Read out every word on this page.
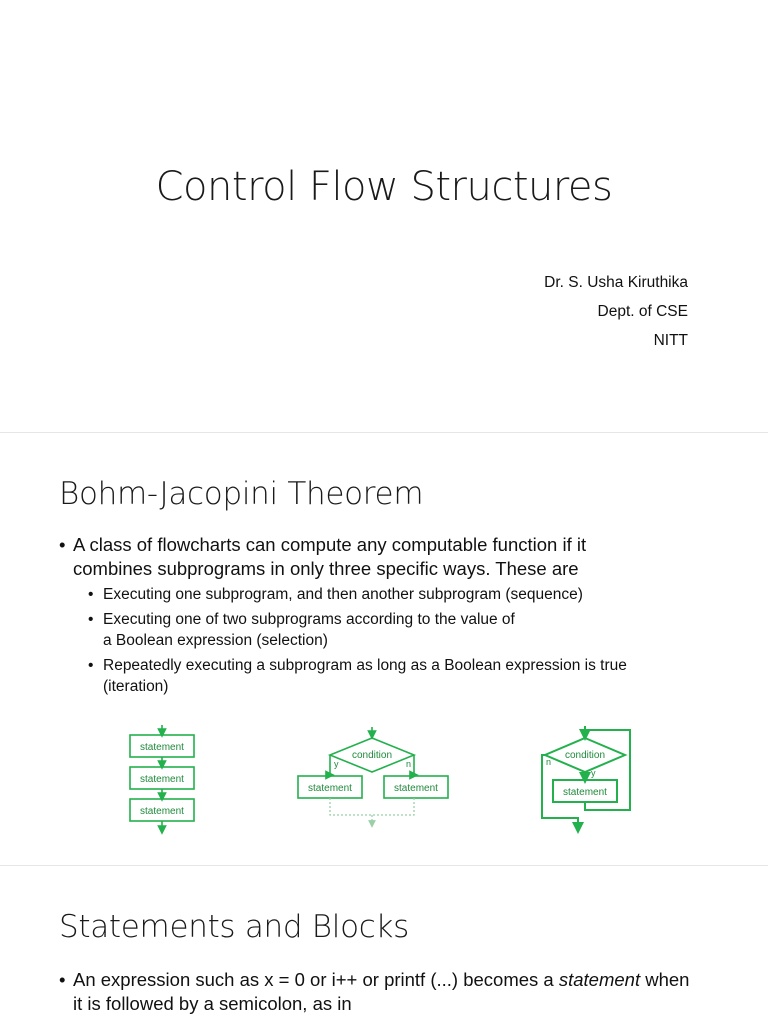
Control Flow Structures
Dr. S. Usha Kiruthika
Dept. of CSE
NITT
Bohm-Jacopini Theorem
• A class of flowcharts can compute any computable function if it
combines subprograms in only three specific ways. These are
• Executing one subprogram, and then another subprogram (sequence)
• Executing one of two subprograms according to the value of
a Boolean expression (selection)
• Repeatedly executing a subprogram as long as a Boolean expression is true
(iteration)
statement
statement
statement
condition
y	n
statement	statement
condition
n
y
statement
Statements and Blocks
• An expression such as x = 0 or i++ or printf (...) becomes a statement when
it is followed by a semicolon, as in
